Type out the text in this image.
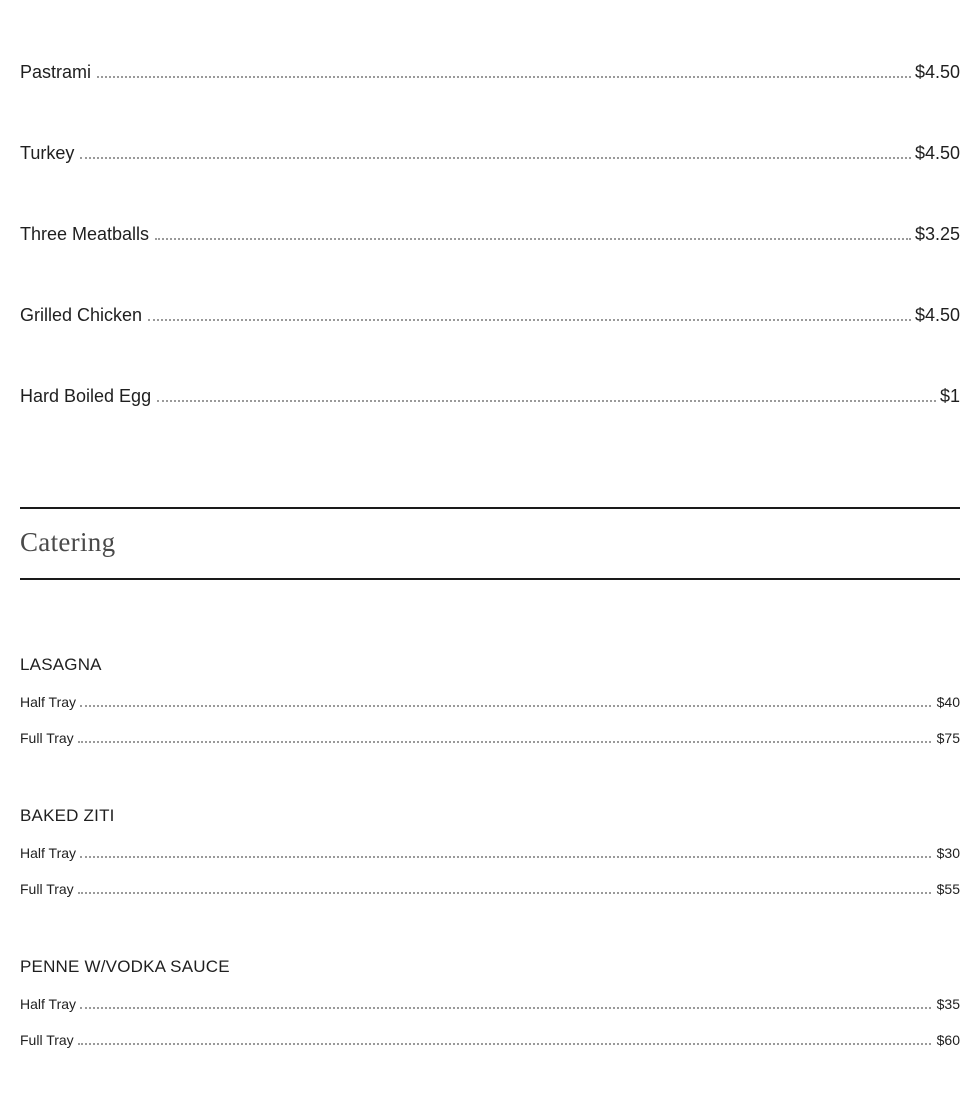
Pastrami	$4.50
Turkey	$4.50
Three Meatballs	$3.25
Grilled Chicken	$4.50
Hard Boiled Egg	$1
Catering
LASAGNA
Half Tray	$40
Full Tray	$75
BAKED ZITI
Half Tray	$30
Full Tray	$55
PENNE W/VODKA SAUCE
Half Tray	$35
Full Tray	$60
